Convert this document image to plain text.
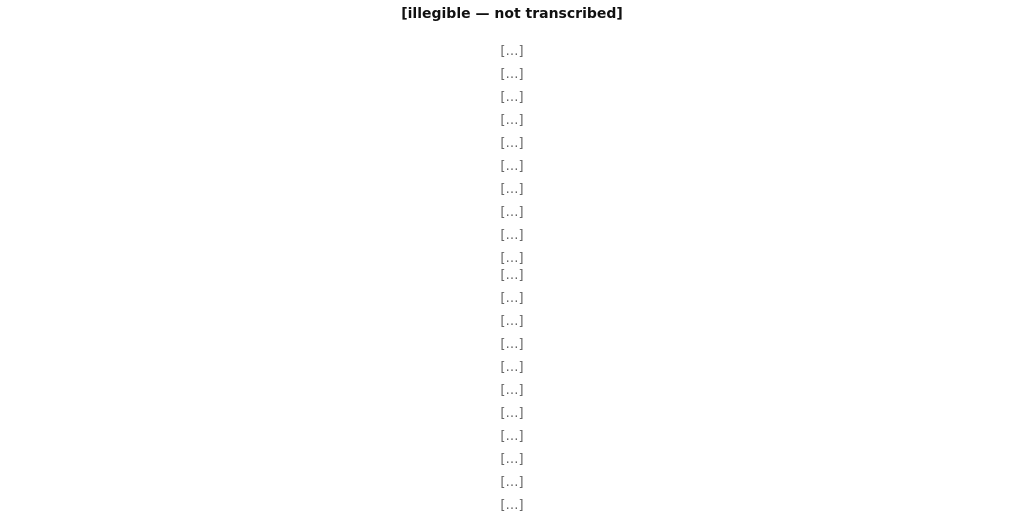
[illegible — not transcribed]
[…]
[…]
[…]
[…]
[…]
[…]
[…]
[…]
[…]
[…]
[…]
[…]
[…]
[…]
[…]
[…]
[…]
[…]
[…]
[…]
[…]
